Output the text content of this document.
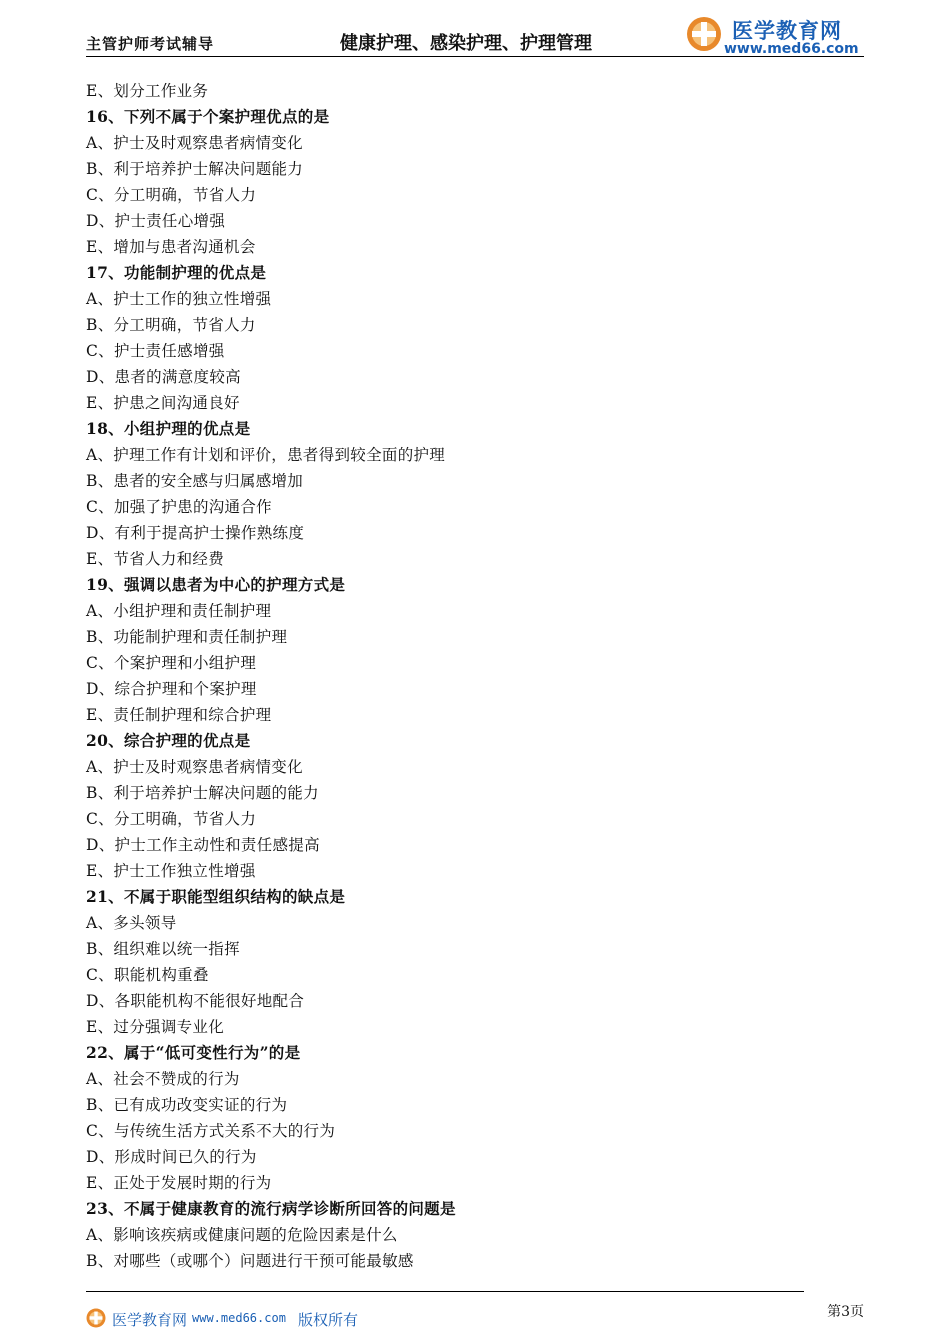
主管护师考试辅导	健康护理、感染护理、护理管理
医学教育网
www.med66.com
E、划分工作业务
16、下列不属于个案护理优点的是
A、护士及时观察患者病情变化
B、利于培养护士解决问题能力
C、分工明确，节省人力
D、护士责任心增强
E、增加与患者沟通机会
17、功能制护理的优点是
A、护士工作的独立性增强
B、分工明确，节省人力
C、护士责任感增强
D、患者的满意度较高
E、护患之间沟通良好
18、小组护理的优点是
A、护理工作有计划和评价，患者得到较全面的护理
B、患者的安全感与归属感增加
C、加强了护患的沟通合作
D、有利于提高护士操作熟练度
E、节省人力和经费
19、强调以患者为中心的护理方式是
A、小组护理和责任制护理
B、功能制护理和责任制护理
C、个案护理和小组护理
D、综合护理和个案护理
E、责任制护理和综合护理
20、综合护理的优点是
A、护士及时观察患者病情变化
B、利于培养护士解决问题的能力
C、分工明确，节省人力
D、护士工作主动性和责任感提高
E、护士工作独立性增强
21、不属于职能型组织结构的缺点是
A、多头领导
B、组织难以统一指挥
C、职能机构重叠
D、各职能机构不能很好地配合
E、过分强调专业化
22、属于“低可变性行为”的是
A、社会不赞成的行为
B、已有成功改变实证的行为
C、与传统生活方式关系不大的行为
D、形成时间已久的行为
E、正处于发展时期的行为
23、不属于健康教育的流行病学诊断所回答的问题是
A、影响该疾病或健康问题的危险因素是什么
B、对哪些（或哪个）问题进行干预可能最敏感
第3页
医学教育网 www.med66.com 版权所有
